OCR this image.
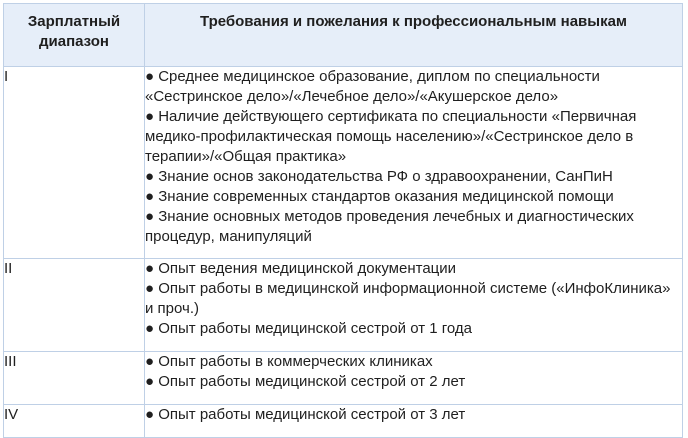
Зарплатный диапазон	Требования и пожелания к профессиональным навыкам
I	● Среднее медицинское образование, диплом по специальности «Сестринское дело»/«Лечебное дело»/«Акушерское дело»
● Наличие действующего сертификата по специальности «Первичная медико-профилактическая помощь населению»/«Сестринское дело в терапии»/«Общая практика»
● Знание основ законодательства РФ о здравоохранении, СанПиН
● Знание современных стандартов оказания медицинской помощи
● Знание основных методов проведения лечебных и диагностических процедур, манипуляций

II	● Опыт ведения медицинской документации
● Опыт работы в медицинской информационной системе («ИнфоКлиника» и проч.)
● Опыт работы медицинской сестрой от 1 года

III	● Опыт работы в коммерческих клиниках
● Опыт работы медицинской сестрой от 2 лет

IV	● Опыт работы медицинской сестрой от 3 лет
